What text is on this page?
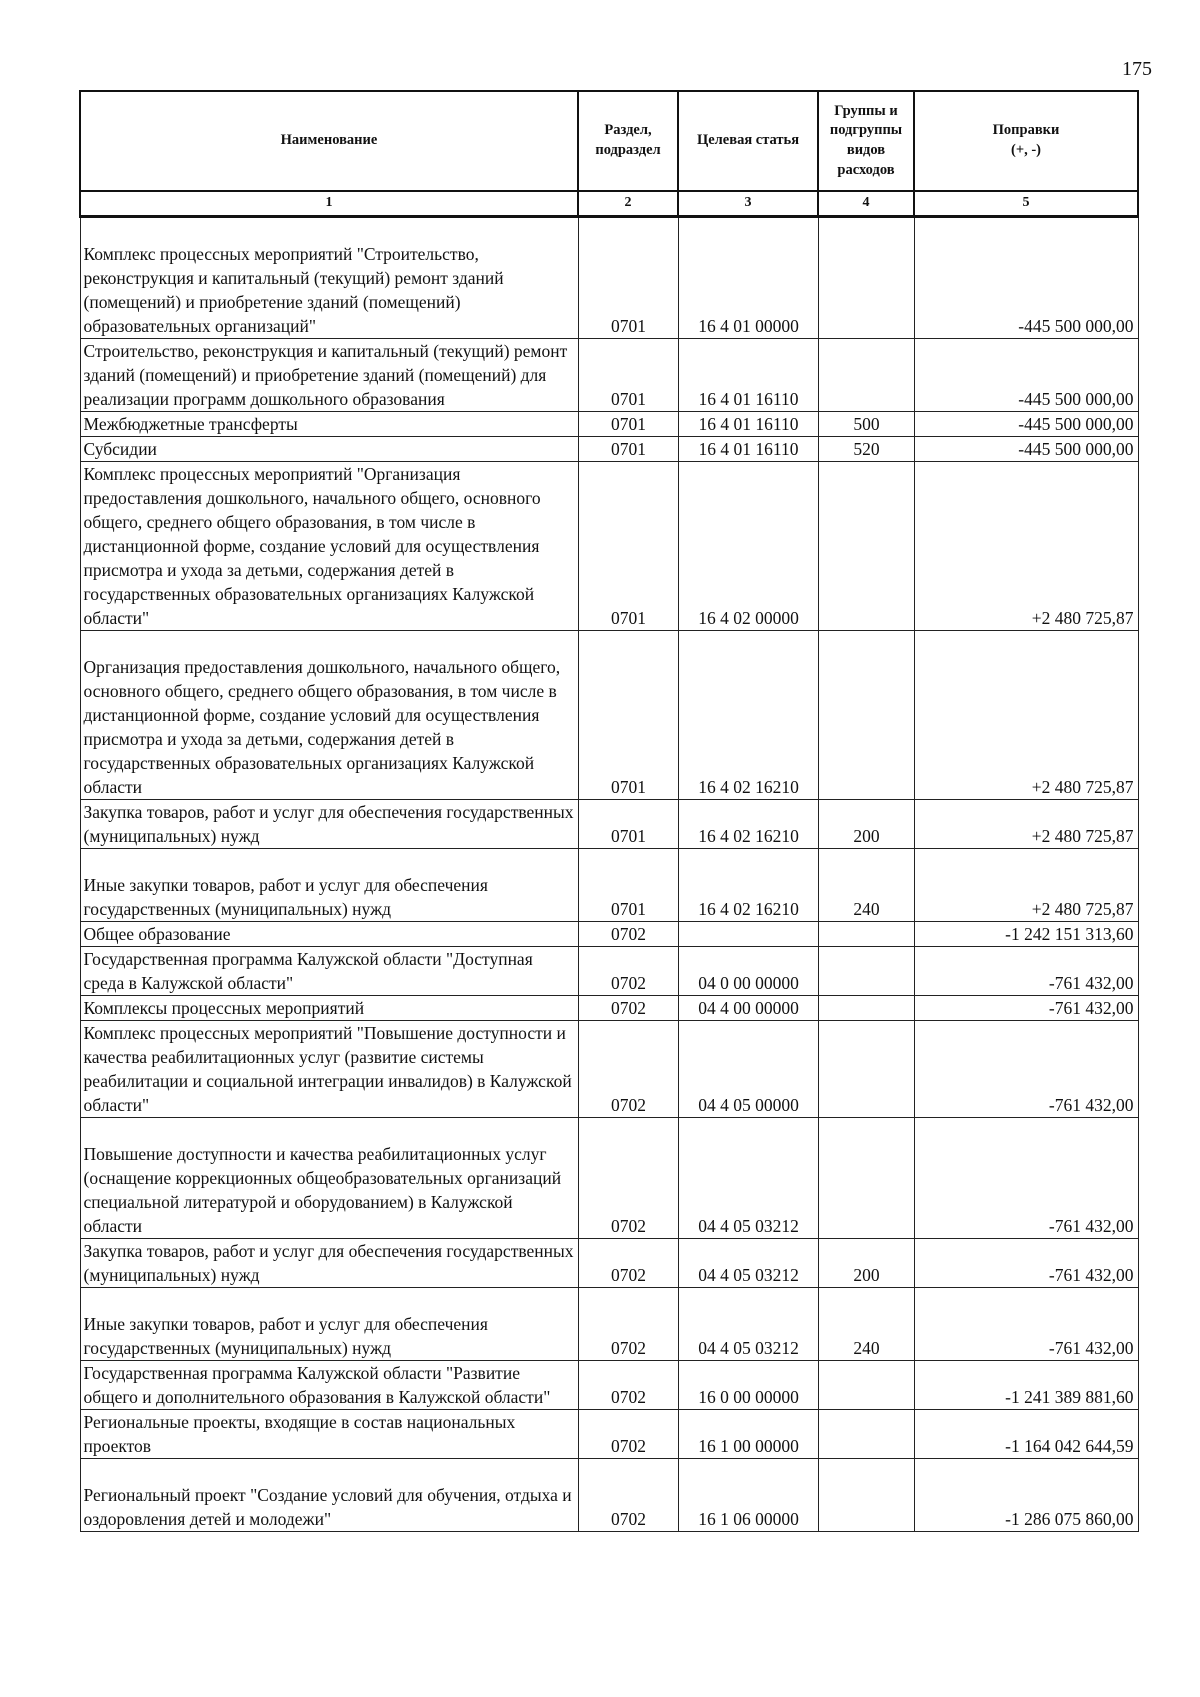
175
Наименование	Раздел, подраздел	Целевая статья	Группы и подгруппы видов расходов	Поправки
(+, -)

1	2	3	4	5
Комплекс процессных мероприятий "Строительство, реконструкция и капитальный (текущий) ремонт зданий (помещений) и приобретение зданий (помещений) образовательных организаций"	0701	16 4 01 00000		-445 500 000,00
Строительство, реконструкция и капитальный (текущий) ремонт зданий (помещений) и приобретение зданий (помещений) для реализации программ дошкольного образования	0701	16 4 01 16110		-445 500 000,00
Межбюджетные трансферты	0701	16 4 01 16110	500	-445 500 000,00
Субсидии	0701	16 4 01 16110	520	-445 500 000,00
Комплекс процессных мероприятий "Организация предоставления дошкольного, начального общего, основного общего, среднего общего образования, в том числе в дистанционной форме, создание условий для осуществления присмотра и ухода за детьми, содержания детей в государственных образовательных организациях Калужской области"	0701	16 4 02 00000		+2 480 725,87
Организация предоставления дошкольного, начального общего, основного общего, среднего общего образования, в том числе в дистанционной форме, создание условий для осуществления присмотра и ухода за детьми, содержания детей в государственных образовательных организациях Калужской области	0701	16 4 02 16210		+2 480 725,87
Закупка товаров, работ и услуг для обеспечения государственных (муниципальных) нужд	0701	16 4 02 16210	200	+2 480 725,87
Иные закупки товаров, работ и услуг для обеспечения государственных (муниципальных) нужд	0701	16 4 02 16210	240	+2 480 725,87
Общее образование	0702			-1 242 151 313,60
Государственная программа Калужской области "Доступная среда в Калужской области"	0702	04 0 00 00000		-761 432,00
Комплексы процессных мероприятий	0702	04 4 00 00000		-761 432,00
Комплекс процессных мероприятий "Повышение доступности и качества реабилитационных услуг (развитие системы реабилитации и социальной интеграции инвалидов) в Калужской области"	0702	04 4 05 00000		-761 432,00
Повышение доступности и качества реабилитационных услуг (оснащение коррекционных общеобразовательных организаций специальной литературой и оборудованием) в Калужской области	0702	04 4 05 03212		-761 432,00
Закупка товаров, работ и услуг для обеспечения государственных (муниципальных) нужд	0702	04 4 05 03212	200	-761 432,00
Иные закупки товаров, работ и услуг для обеспечения государственных (муниципальных) нужд	0702	04 4 05 03212	240	-761 432,00
Государственная программа Калужской области "Развитие общего и дополнительного образования в Калужской области"	0702	16 0 00 00000		-1 241 389 881,60
Региональные проекты, входящие в состав национальных проектов	0702	16 1 00 00000		-1 164 042 644,59
Региональный проект "Создание условий для обучения, отдыха и оздоровления детей и молодежи"	0702	16 1 06 00000		-1 286 075 860,00
